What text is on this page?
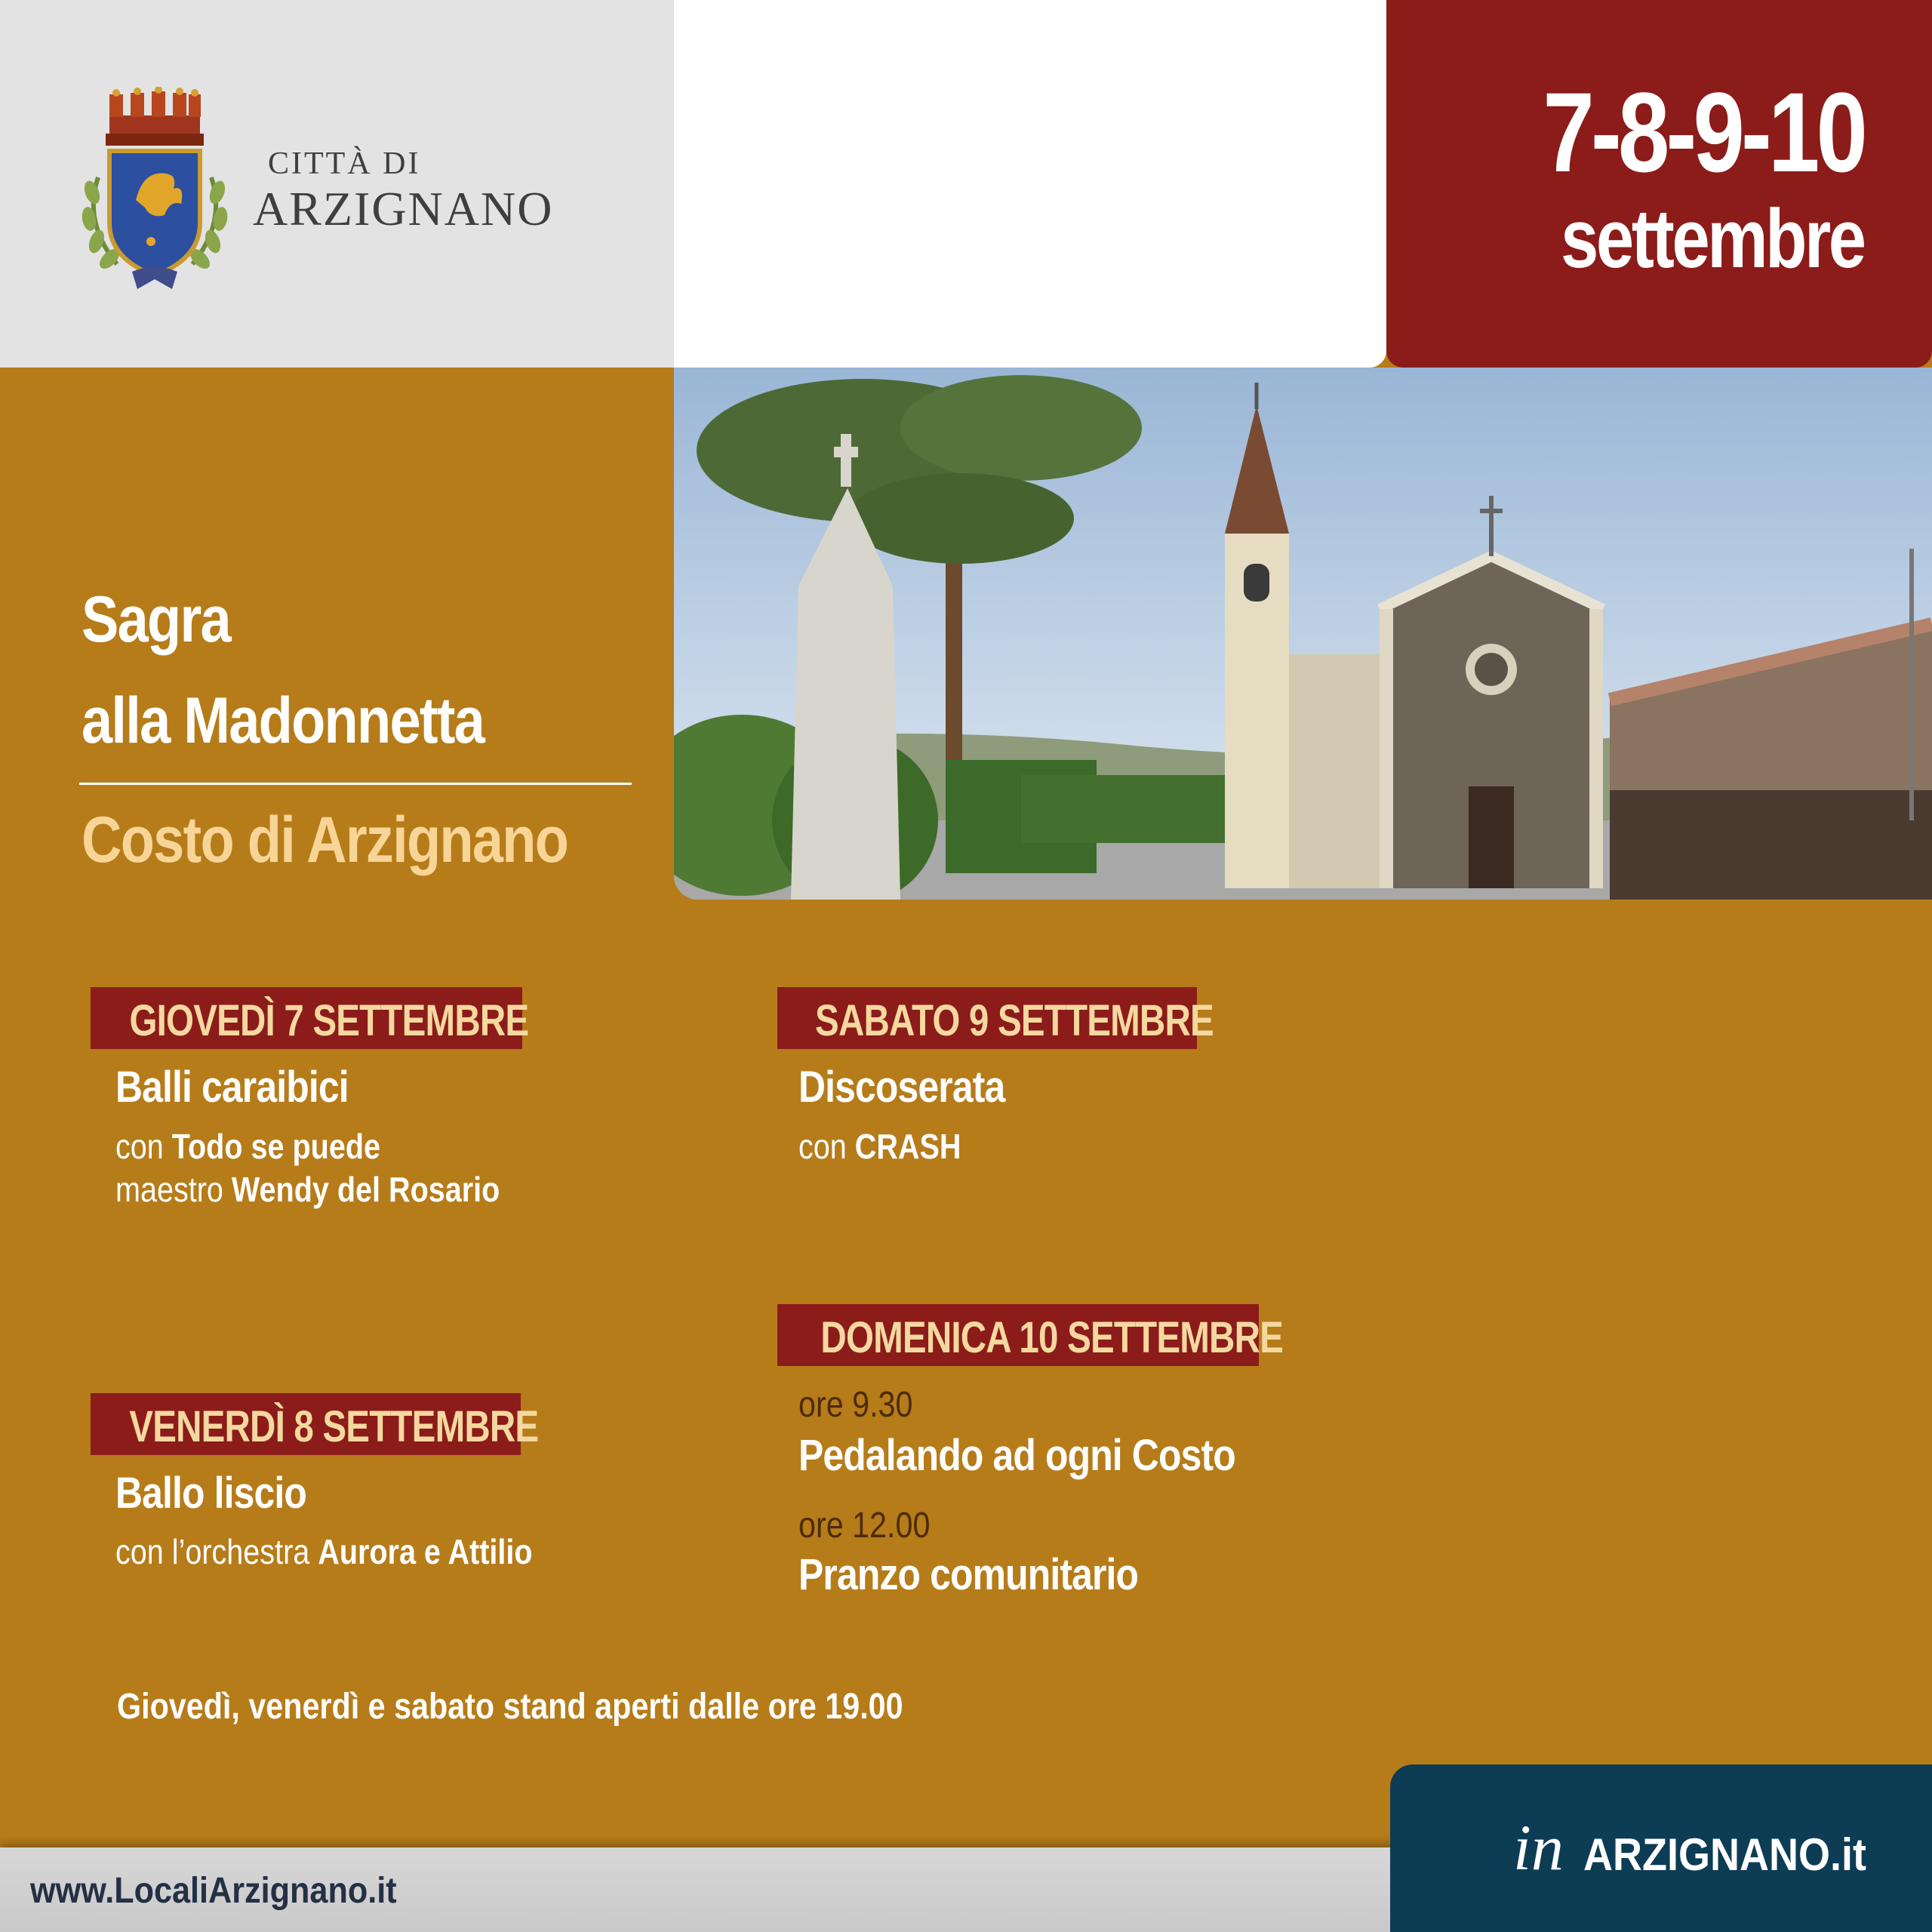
CITTÀ DI
ARZIGNANO
7-8-9-10
settembre
Sagra
alla Madonnetta
Costo di Arzignano
GIOVEDÌ 7 SETTEMBRE
Balli caraibici
con Todo se puede
maestro Wendy del Rosario
VENERDÌ 8 SETTEMBRE
Ballo liscio
con l’orchestra Aurora e Attilio
SABATO 9 SETTEMBRE
Discoserata
con CRASH
DOMENICA 10 SETTEMBRE
ore 9.30
Pedalando ad ogni Costo
ore 12.00
Pranzo comunitario
Giovedì, venerdì e sabato stand aperti dalle ore 19.00
www.LocaliArzignano.it
in ARZIGNANO.it
